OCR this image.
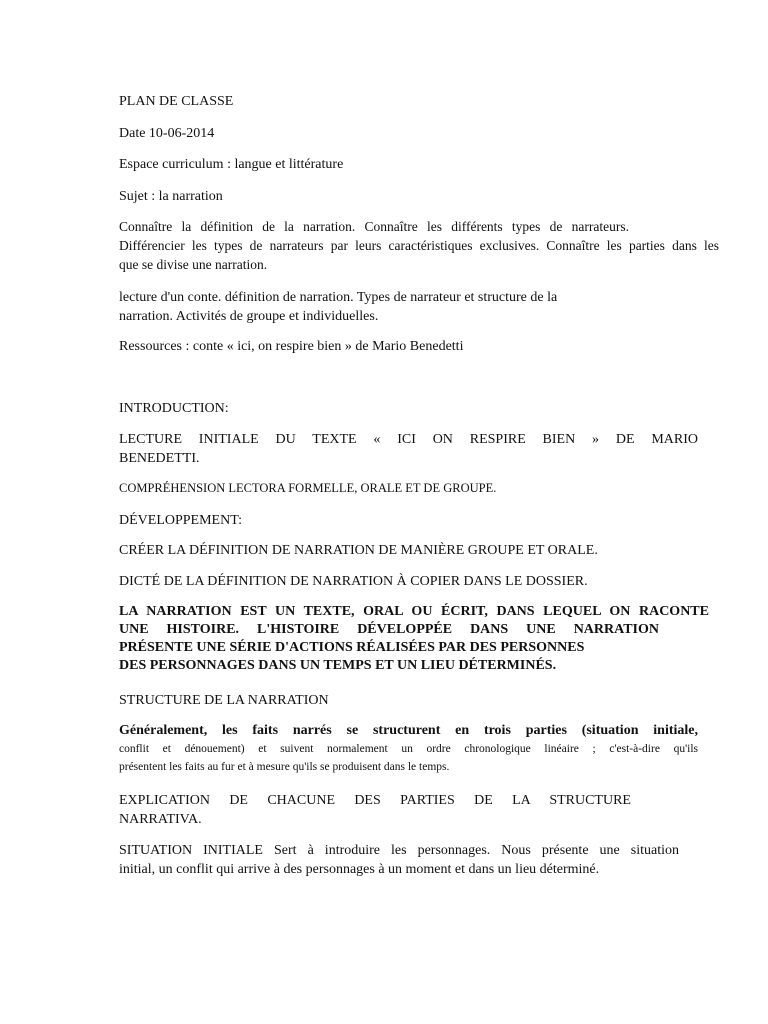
PLAN DE CLASSE

Date 10-06-2014

Espace curriculum : langue et littérature

Sujet : la narration

Connaître la définition de la narration. Connaître les différents types de narrateurs.
Différencier les types de narrateurs par leurs caractéristiques exclusives. Connaître les parties dans les
que se divise une narration.
lecture d'un conte. définition de narration. Types de narrateur et structure de la
narration. Activités de groupe et individuelles.

Ressources : conte « ici, on respire bien » de Mario Benedetti

INTRODUCTION:

LECTURE INITIALE DU TEXTE « ICI ON RESPIRE BIEN » DE MARIO
BENEDETTI.

COMPRÉHENSION LECTORA FORMELLE, ORALE ET DE GROUPE.

DÉVELOPPEMENT:

CRÉER LA DÉFINITION DE NARRATION DE MANIÈRE GROUPE ET ORALE.

DICTÉ DE LA DÉFINITION DE NARRATION À COPIER DANS LE DOSSIER.

LA NARRATION EST UN TEXTE, ORAL OU ÉCRIT, DANS LEQUEL ON RACONTE
UNE HISTOIRE. L'HISTOIRE DÉVELOPPÉE DANS UNE NARRATION
PRÉSENTE UNE SÉRIE D'ACTIONS RÉALISÉES PAR DES PERSONNES
DES PERSONNAGES DANS UN TEMPS ET UN LIEU DÉTERMINÉS.

STRUCTURE DE LA NARRATION

Généralement, les faits narrés se structurent en trois parties (situation initiale,
conflit et dénouement) et suivent normalement un ordre chronologique linéaire ; c'est-à-dire qu'ils
présentent les faits au fur et à mesure qu'ils se produisent dans le temps.
EXPLICATION DE CHACUNE DES PARTIES DE LA STRUCTURE
NARRATIVA.
SITUATION INITIALE Sert à introduire les personnages. Nous présente une situation
initial, un conflit qui arrive à des personnages à un moment et dans un lieu déterminé.
